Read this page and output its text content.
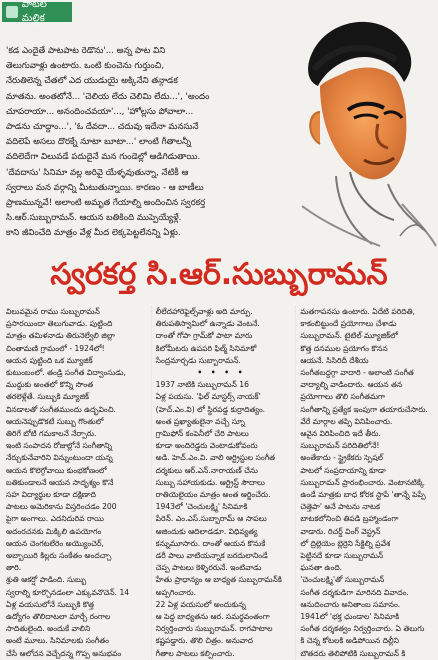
పాటల మల్లిక
'కడ ఎందైతే పాటపాట రెడొను'... అన్న పాట విని
తెలుగువాళ్లు ఉంటారు. ఒంటి కుంచెను గుర్తుంచి,
నేరుతిలెన్న చేతలో ఎద యుడుయై అక్కినేని తన్గాడక
మాతను. అంతటోనే... 'చెలియ లేదు చెలిమి లేదు...', 'అందం
చూపరాయా... అనందించవయా'..., 'హోల్లసు పోవాలా...
పాడను చూద్దాం...', 'ఓ దేవదా... చదువు ఇదేనా మనసునే
వదిలెపే అసలు దొరక్నే నూటా బూటా...' లాంటి గీతాలన్నీ
వదిలెదేగా విలువడే పదుదైనే మన గుండెల్లో ఆడిగిడుతాయి.
'దేవదాసు' సినిమా వల్ల అరివై యేళ్ళవుతున్నా, నేటికీ ఆ
స్వరాలు మన వర్గాన్ని మీటుతున్నాయి. కారణం - ఆ బాణీలు
ప్రాణమున్నవే! అలాంటి అమృత గేయాల్ని అందించిన స్వరకర్త
సి.ఆర్.సుబ్బురామన్. ఆయన బతికింది ముప్పెయ్యేళ్లే.
కాని జీవించేది మాత్రం వేళ్ల మీద లెక్కపెట్టలేనన్ని ఏళ్లు.
స్వరకర్త సి.ఆర్.సుబ్బురామన్
విలువమైన రాము సుబ్బురామన్
ప్రసారయిందా తెలుగువాడు. పుట్టింది
మాత్రం తమిళనాడు తిరునెల్వేలి జిల్లా
చింతామణి గ్రామంలో - 1924లో!
ఆయన పుట్టింది ఒక మ్యూజిక్
కుటుంబంలో. తండ్రి సంగీత విద్వాంసుడు,
ముద్దుకు అంతలో కొన్ని సొంత
తరలెళ్లేతే. సుబ్బుకి మ్యూజిక్
వినడాలతో సంగీతముందు ఉద్భవించి.
ఆయనెప్పుడొకటే సుబ్బు గొంతులో
తిరిగే బోటి గమకాలనే నేర్పారు.
ఇంటి సంపాదన రోజుల్లోనే సంగీతాన్ని
నేర్చుకునేవారిని విన్నుంటుందా యన్న
ఆయన కొలెగ్గోవాయి కుంభకోణంలో
బతికుండాలనే ఆయన సాదృశ్యం కొనే
సహ విద్యార్థుల కూడా దక్షిణాది
పాటలు అమెరికాను విస్తరించడం 200
పైగా అంగాలు. ఎదనిదురివ రాయి
అదంరచనకు మిక్కిలి ఉపయోగం
ఆయన చెంగటలేరెం అయ్యొంచెర్,
అబ్బాయిరి కిల్లరు సంకేతం అందచ్చా
తారి.
శ్రుతి ఆకర్షో పాడింది. సుబ్బు
స్వరాల్ని కూర్చొనడంలా ఎక్కువనొచెన్. 14
ఏళ్ల వయసులోనే సుబ్బుకి కొత్త
ఉద్యోగం తొలిదాటలా మార్చే రంగాల
సాదితులైంది. అందుకే వాలిని
అంటే మూలు. సినిమాలకు సంగీతం
చేసే ఆలోచన వెచ్చేదన్న గొప్ప అనుభవం
లీలేదహారెఫైల్స్‌వాళ్లు అది మార్పు.
తిరుపతిస్వామిలో ఉన్నాడు వెంటనే.
దాంతో గోపా గ్రామ్‌కో పాటా మారు
కిలోమీటరు ఉపపరి ఫిల్మ్ సినిమాకో
సేంద్రమార్చడు సుబ్బారామన్.
• • • •
1937 నాటికి సుబ్బురామన్ 16
ఏళ్ల పయసు. 'ఫిల్ మాస్టర్స్ నాయక్'
(హెచ్.ఎం.వి) లో స్థిరపడ్డ కుర్రాదిత్యం.
అంత ప్రఖ్యాతులైనా వచ్చే స్నూ
గ్రామిఫోన్ కంపెనీలో చేరి పాటలు
కూడా అందిరెడ్డరు వెంటాడుకోవంరు
అడి. హెచ్.ఎం.వి. వాలి ఆర్ట్రిస్టుల సంగీత
దర్శకులు ఆర్.ఎన్.నారాయణ్ చేను
సుబ్బు సహాయకుడు. ఆర్ట్రిస్ట్ సౌదాలు
రాతియెలైయం మాత్రం అంత ఆర్జించేరు.
1943లో 'చెంచులక్ష్మి' సినిమాకి
పేరెన్. ఎం.ఎస్.సుబ్బారామ్ ఆ సాపలు
ఆజిందుకు ఆదిలాడడూ. విధివ్యత్య
కన్నుమూసారు. దాంతో ఆయన కొనుకే
డరీ పాలు వాటియన్నాక బరదులానిండే
చెప్ప పాటలు కెళ్ళిరరునే. ఇంటివాడు
హేతు ప్రాధాన్యం ఆ బాధ్యత సుబ్బురామన్‌కి
అప్పగించారు.
22 ఏళ్ల వయసులో అందుకున్న
ఆ పెద్ద బాధ్యతను ఆర. సమర్థవంతంగా
నిర్వర్తించారు సుబ్బురామన్. రాగపాటాల
కష్టపడ్డారు. తొలి చిత్రం. అనువాద
గీతాల పాటలు కల్పించారు.
మతగాపనసు ఉంటారు. ఏదేటి పరిదితి,
కాకంబిట్టుందే ప్రయోగాలు చేశాడు
సుబ్బురామన్. టైటిల్ మ్యూజిక్‌లో
కొత్త దనముల ప్రయోగం కొనన
ఆయనే. సిసిరిదీ దేశీయ
సంగీతబద్దగ్గా వాదారి - అలాంటి సంగీత
వాద్యాల్ని వాడిందారు. ఆయన తన
ప్రయోగాలు తొలి సంగీతమగా
సంగీతాన్ని ప్రత్యేక ఇంపుగా తయారుచేసారు.
వేరే మార్గాల తప్పి వినిపించారు.
ఆవైన విరిపించిది ఇదే తీరు.
సుబ్బురామన్ పరిదితిలోనే!
అంతేకాదు - స్ట్రైకేకరు స్పెషల్
పాటలో సంప్రదాయాన్ని కూడా
సుబ్బురామన్ ప్రారంభించారు. వెంటానటిక్కే
ఉండే మాత్రకు బాధ కోరక స్టాపే 'తాన్నే పెప్పే
చెత్తెపా' అనే పాటను నాటక
బాటకలోనించి తిపడి బ్రహ్మాండంగా
వాడారు. రిచర్డ్ వింగ్ వెస్ట్రన్
లో ద్రిల్లెయెం బ్లెర్రెని సేక్టిల్ని ప్రవేశ
పెట్టినదే కూడా సుబ్బురామన్
ఘనతా ఉంది.
'చెంచులక్ష్మి'తో సుబ్బురామన్
సంగీత దర్శకుడిగా మారినది వివాదం.
ఆనుదించారు అనితాంబ సమానం.
1941లో 'భక్త ఛుండాల' సినిమాకి
సంగీత దర్శకత్వం నిర్వర్తించారు. ఏ తెలుగు
కి చెన్న కోటలకి అడిపోయిన దిల్లీని
బౌతదరు తెలిపోటికి సుబ్బురామన్ కి
